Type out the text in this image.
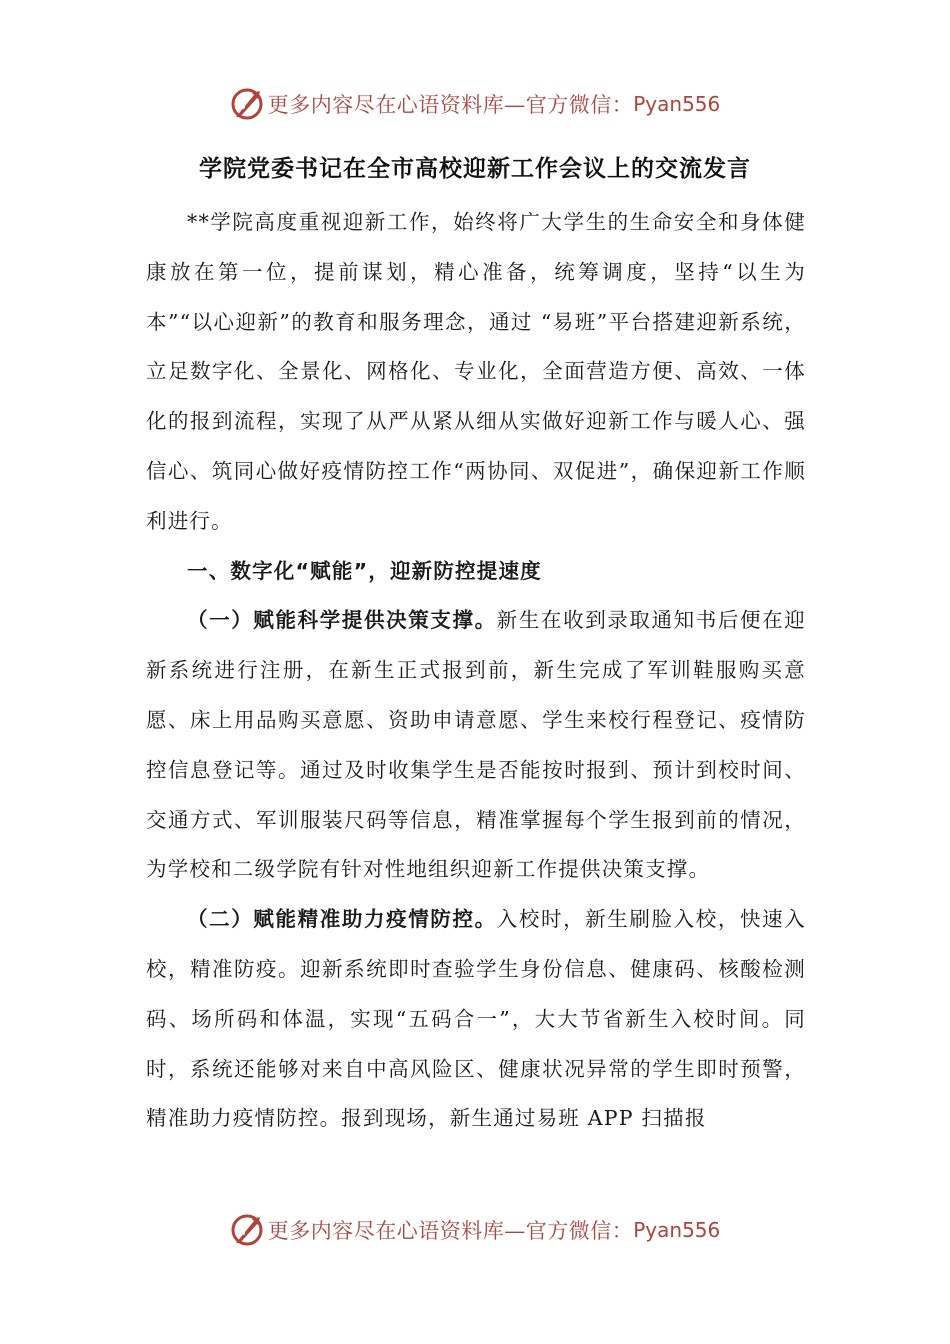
更多内容尽在心语资料库—官方微信： Pyan556
学院党委书记在全市高校迎新工作会议上的交流发言

**学院高度重视迎新工作，始终将广大学生的生命安全和身体健康放在第一位，提前谋划，精心准备，统筹调度，坚持“以生为本”“以心迎新”的教育和服务理念，通过 “易班”平台搭建迎新系统，立足数字化、全景化、网格化、专业化，全面营造方便、高效、一体化的报到流程，实现了从严从紧从细从实做好迎新工作与暖人心、强信心、筑同心做好疫情防控工作“两协同、双促进”，确保迎新工作顺利进行。

一、数字化“赋能”，迎新防控提速度

（一）赋能科学提供决策支撑。新生在收到录取通知书后便在迎新系统进行注册，在新生正式报到前，新生完成了军训鞋服购买意愿、床上用品购买意愿、资助申请意愿、学生来校行程登记、疫情防控信息登记等。通过及时收集学生是否能按时报到、预计到校时间、交通方式、军训服装尺码等信息，精准掌握每个学生报到前的情况，为学校和二级学院有针对性地组织迎新工作提供决策支撑。

（二）赋能精准助力疫情防控。入校时，新生刷脸入校，快速入校，精准防疫。迎新系统即时查验学生身份信息、健康码、核酸检测码、场所码和体温，实现“五码合一”，大大节省新生入校时间。同时，系统还能够对来自中高风险区、健康状况异常的学生即时预警，精准助力疫情防控。报到现场，新生通过易班 APP 扫描报

更多内容尽在心语资料库—官方微信： Pyan556
